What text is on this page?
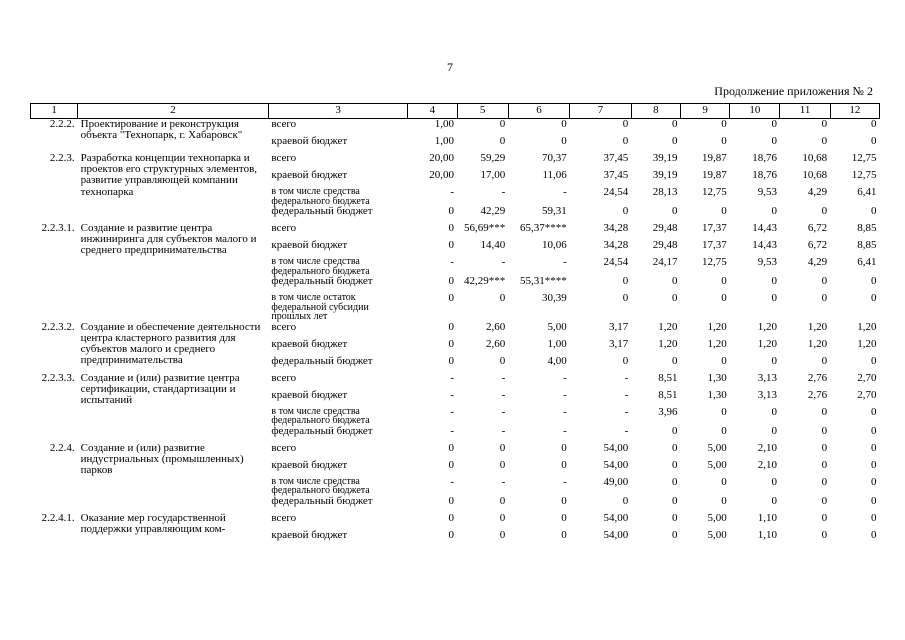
7
Продолжение приложения № 2
1	2	3	4	5	6	7	8	9	10	11	12
2.2.2.	Проектирование и реконструкция объекта "Технопарк, г. Хабаровск"	всего	1,00	0	0	0	0	0	0	0	0
		краевой бюджет	1,00	0	0	0	0	0	0	0	0
2.2.3.	Разработка концепции технопарка и проектов его структурных элементов, развитие управляющей компании технопарка	всего	20,00	59,29	70,37	37,45	39,19	19,87	18,76	10,68	12,75
		краевой бюджет	20,00	17,00	11,06	37,45	39,19	19,87	18,76	10,68	12,75
		в том числе средства федерального бюджета	-	-	-	24,54	28,13	12,75	9,53	4,29	6,41
		федеральный бюджет	0	42,29	59,31	0	0	0	0	0	0
2.2.3.1.	Создание и развитие центра инжиниринга для субъектов малого и среднего предпринимательства	всего	0	56,69***	65,37****	34,28	29,48	17,37	14,43	6,72	8,85
		краевой бюджет	0	14,40	10,06	34,28	29,48	17,37	14,43	6,72	8,85
		в том числе средства федерального бюджета	-	-	-	24,54	24,17	12,75	9,53	4,29	6,41
		федеральный бюджет	0	42,29***	55,31****	0	0	0	0	0	0
		в том числе остаток федеральной субсидии прошлых лет	0	0	30,39	0	0	0	0	0	0
2.2.3.2.	Создание и обеспечение деятельности центра кластерного развития для субъектов малого и среднего предпринимательства	всего	0	2,60	5,00	3,17	1,20	1,20	1,20	1,20	1,20
		краевой бюджет	0	2,60	1,00	3,17	1,20	1,20	1,20	1,20	1,20
		федеральный бюджет	0	0	4,00	0	0	0	0	0	0
2.2.3.3.	Создание и (или) развитие центра сертификации, стандартизации и испытаний	всего	-	-	-	-	8,51	1,30	3,13	2,76	2,70
		краевой бюджет	-	-	-	-	8,51	1,30	3,13	2,76	2,70
		в том числе средства федерального бюджета	-	-	-	-	3,96	0	0	0	0
		федеральный бюджет	-	-	-	-	0	0	0	0	0
2.2.4.	Создание и (или) развитие индустриальных (промышленных) парков	всего	0	0	0	54,00	0	5,00	2,10	0	0
		краевой бюджет	0	0	0	54,00	0	5,00	2,10	0	0
		в том числе средства федерального бюджета	-	-	-	49,00	0	0	0	0	0
		федеральный бюджет	0	0	0	0	0	0	0	0	0
2.2.4.1.	Оказание мер государственной поддержки управляющим ком-	всего	0	0	0	54,00	0	5,00	1,10	0	0
		краевой бюджет	0	0	0	54,00	0	5,00	1,10	0	0
